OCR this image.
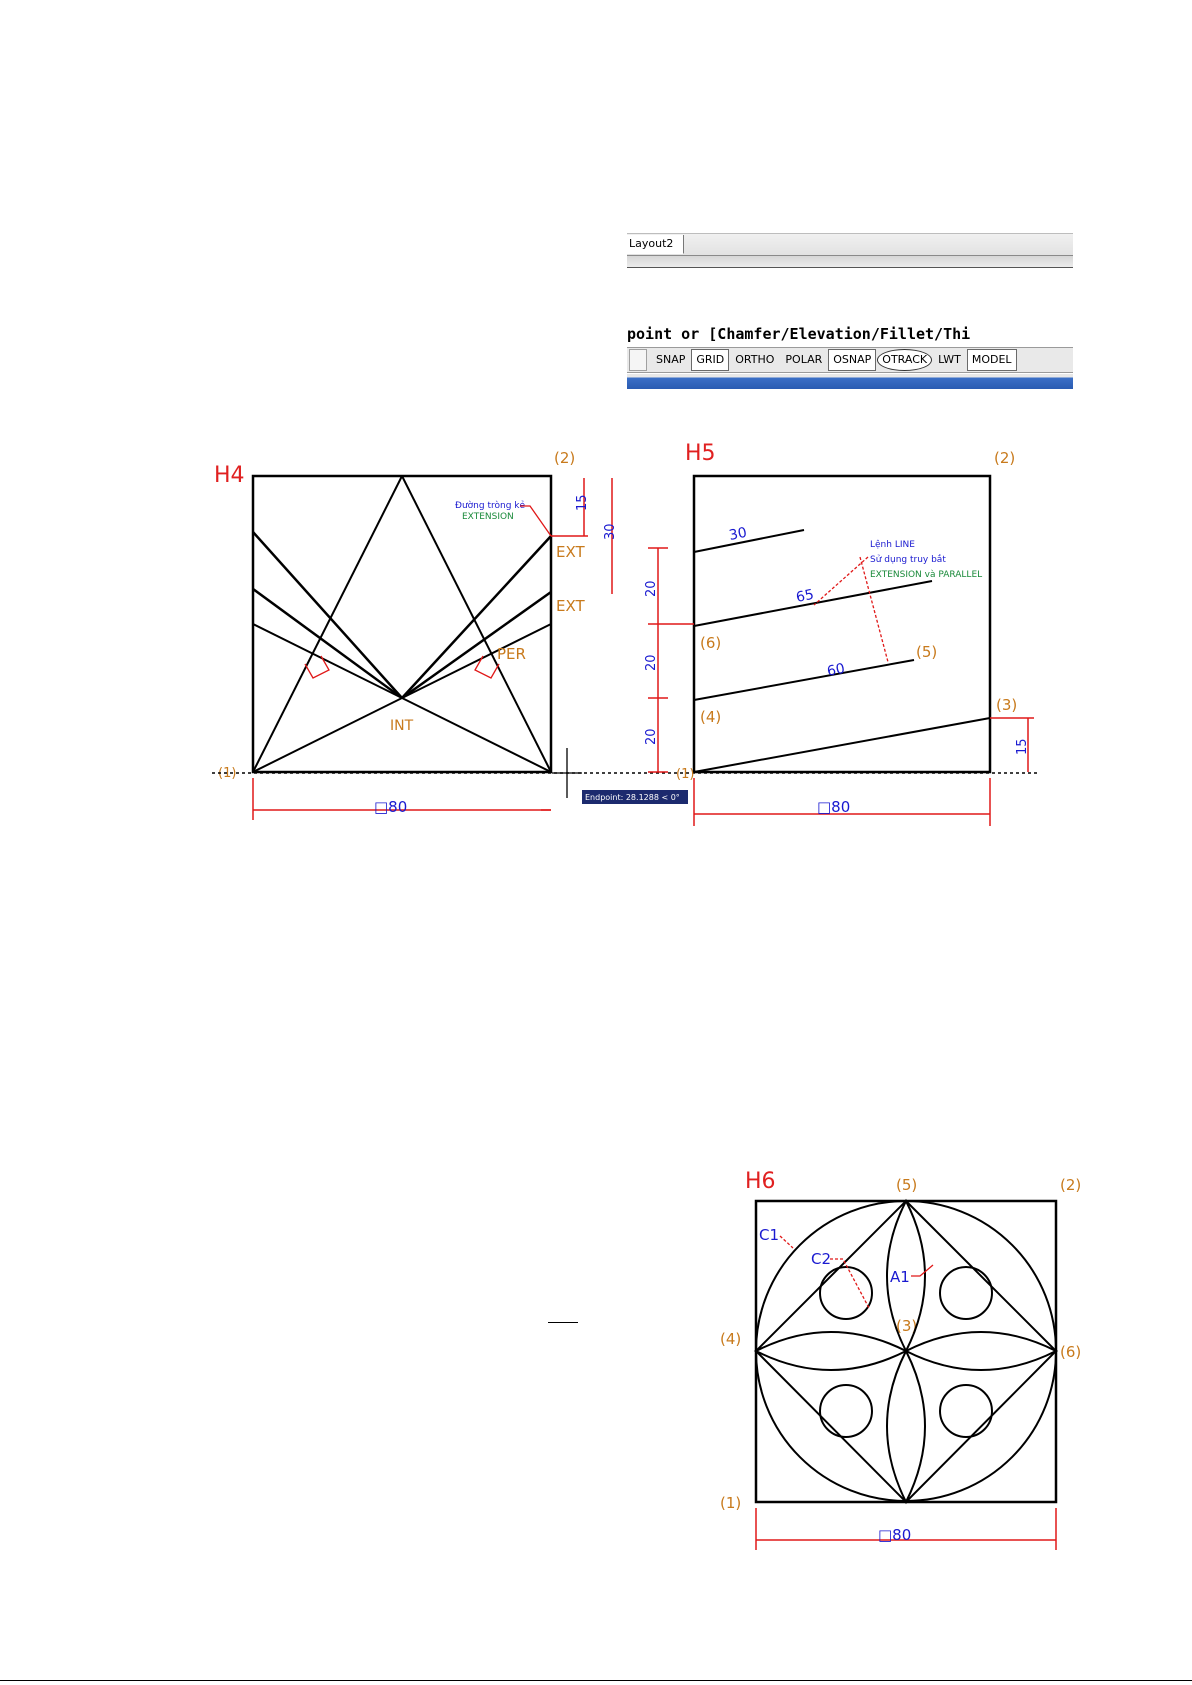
Layout2
point or [Chamfer/Elevation/Fillet/Thi
SNAP	GRID	ORTHO	POLAR	OSNAP	OTRACK	LWT	MODEL
H4
(2)
(1)
Đường tròng kẻ
EXTENSION
15
30
EXT
EXT
PER
INT
□80
Endpoint: 28.1288 < 0°
H5	(2)
30
65
60
(6)
(4)
(5)
(3)
(1)
Lệnh LINE
Sử dụng truy bắt
EXTENSION và PARALLEL
20
20
20
15
□80
H6	(5)	(2)
(4)
(6)
(3)
(1)
C1
C2
A1
□80
